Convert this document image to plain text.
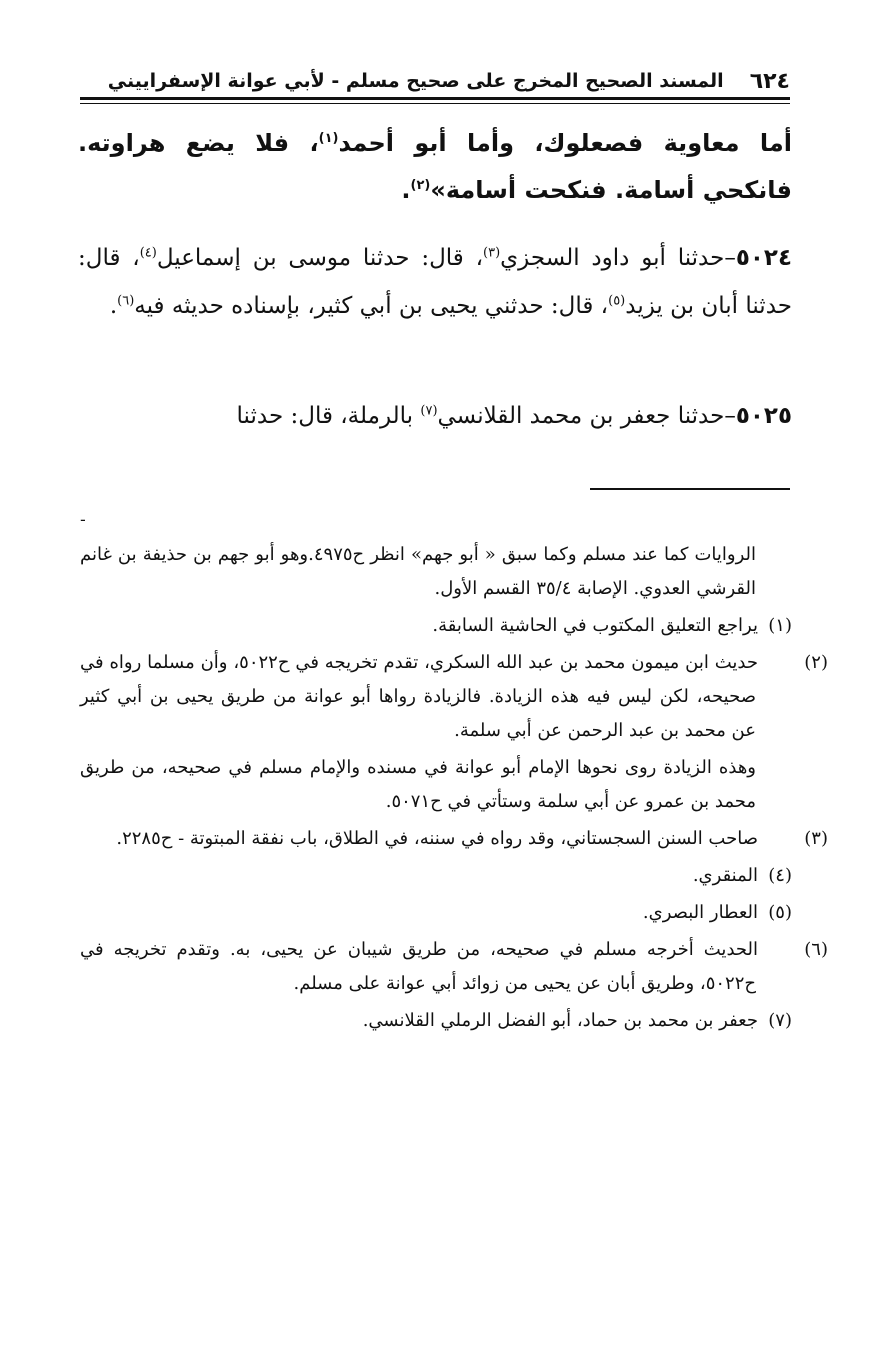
٦٢٤
المسند الصحيح المخرج على صحيح مسلم - لأبي عوانة الإسفراييني
أما معاوية فصعلوك، وأما أبو أحمد$^{(١)}$، فلا يضع هراوته. فانكحي أسامة. فنكحت أسامة»$^{(٢)}$.
٥٠٢٤–حدثنا أبو داود السجزي$^{(٣)}$، قال: حدثنا موسى بن إسماعيل$^{(٤)}$، قال: حدثنا أبان بن يزيد$^{(٥)}$، قال: حدثني يحيى بن أبي كثير، بإسناده حديثه فيه$^{(٦)}$.
٥٠٢٥–حدثنا جعفر بن محمد القلانسي$^{(٧)}$ بالرملة، قال: حدثنا
-

الروايات كما عند مسلم وكما سبق « أبو جهم» انظر ح٤٩٧٥.وهو أبو جهم بن حذيفة بن غانم القرشي العدوي. الإصابة ٣٥/٤ القسم الأول.

(١)يراجع التعليق المكتوب في الحاشية السابقة.

(٢)حديث ابن ميمون محمد بن عبد الله السكري، تقدم تخريجه في ح٥٠٢٢، وأن مسلما رواه في صحيحه، لكن ليس فيه هذه الزيادة. فالزيادة رواها أبو عوانة من طريق يحيى بن أبي كثير عن محمد بن عبد الرحمن عن أبي سلمة.

وهذه الزيادة روى نحوها الإمام أبو عوانة في مسنده والإمام مسلم في صحيحه، من طريق محمد بن عمرو عن أبي سلمة وستأتي في ح٥٠٧١.

(٣)صاحب السنن السجستاني، وقد رواه في سننه، في الطلاق، باب نفقة المبتوتة - ح٢٢٨٥.

(٤)المنقري.

(٥)العطار البصري.

(٦)الحديث أخرجه مسلم في صحيحه، من طريق شيبان عن يحيى، به. وتقدم تخريجه في ح٥٠٢٢، وطريق أبان عن يحيى من زوائد أبي عوانة على مسلم.

(٧)جعفر بن محمد بن حماد، أبو الفضل الرملي القلانسي.
